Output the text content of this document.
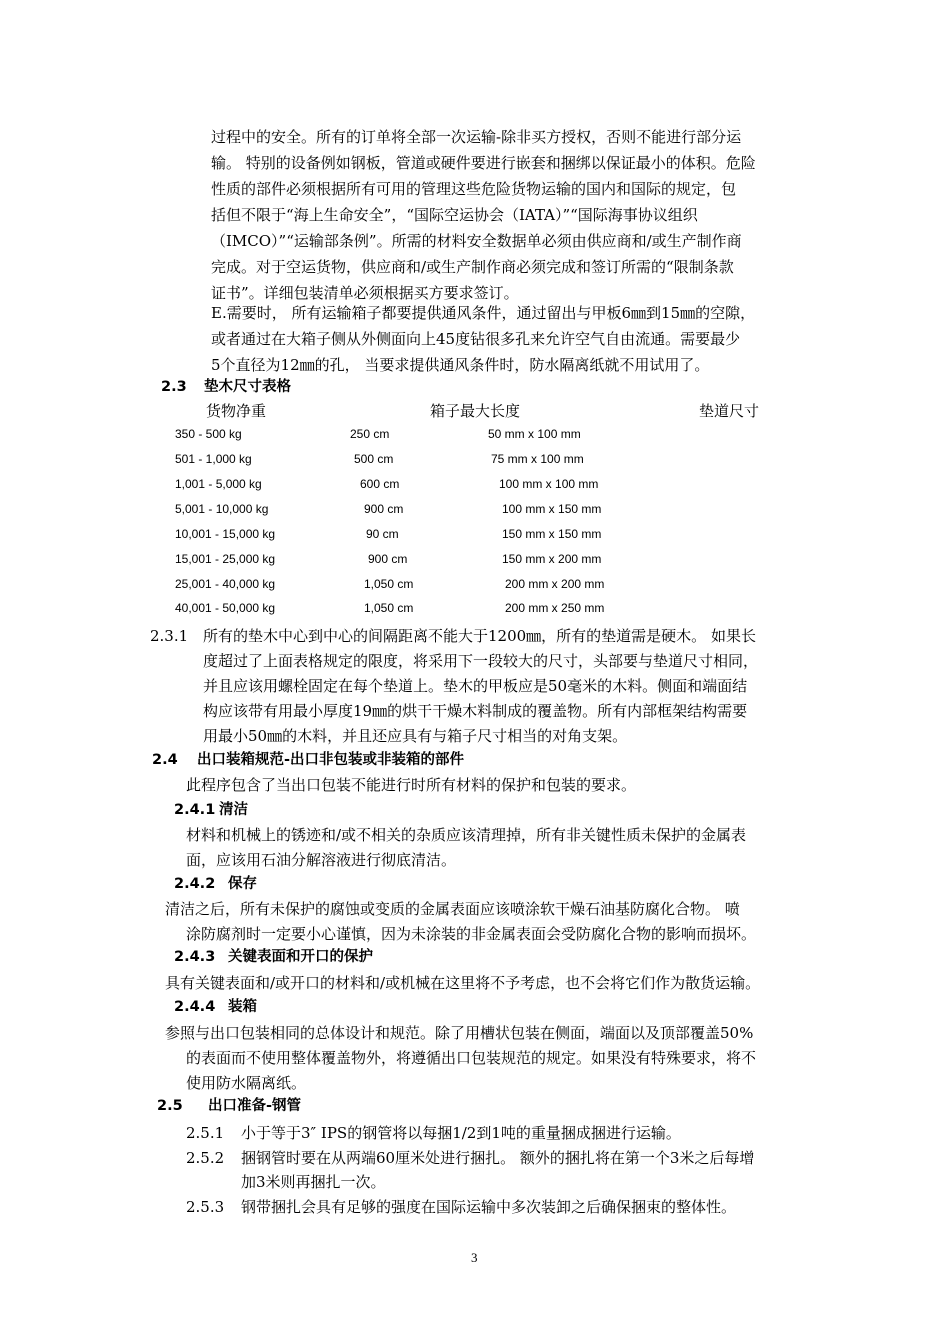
过程中的安全。所有的订单将全部一次运输-除非买方授权，否则不能进行部分运
输。 特别的设备例如钢板，管道或硬件要进行嵌套和捆绑以保证最小的体积。危险
性质的部件必须根据所有可用的管理这些危险货物运输的国内和国际的规定，包
括但不限于“海上生命安全”，“国际空运协会（IATA）”“国际海事协议组织
（IMCO）”“运输部条例”。所需的材料安全数据单必须由供应商和/或生产制作商
完成。对于空运货物，供应商和/或生产制作商必须完成和签订所需的“限制条款
证书”。详细包装清单必须根据买方要求签订。
E.需要时， 所有运输箱子都要提供通风条件，通过留出与甲板6㎜到15㎜的空隙，
或者通过在大箱子侧从外侧面向上45度钻很多孔来允许空气自由流通。需要最少
5个直径为12㎜的孔， 当要求提供通风条件时，防水隔离纸就不用试用了。
2.3 垫木尺寸表格
货物净重	箱子最大长度	垫道尺寸
350 - 500 kg	250 cm	50 mm x 100 mm
501 - 1,000 kg	500 cm	75 mm x 100 mm
1,001 - 5,000 kg	600 cm	100 mm x 100 mm
5,001 - 10,000 kg	900 cm	100 mm x 150 mm
10,001 - 15,000 kg	90 cm	150 mm x 150 mm
15,001 - 25,000 kg	900 cm	150 mm x 200 mm
25,001 - 40,000 kg	1,050 cm	200 mm x 200 mm
40,001 - 50,000 kg	1,050 cm	200 mm x 250 mm
2.3.1 所有的垫木中心到中心的间隔距离不能大于1200㎜，所有的垫道需是硬木。 如果长
度超过了上面表格规定的限度，将采用下一段较大的尺寸，头部要与垫道尺寸相同，
并且应该用螺栓固定在每个垫道上。垫木的甲板应是50毫米的木料。侧面和端面结
构应该带有用最小厚度19㎜的烘干干燥木料制成的覆盖物。所有内部框架结构需要
用最小50㎜的木料，并且还应具有与箱子尺寸相当的对角支架。
2.4 出口装箱规范-出口非包装或非装箱的部件
此程序包含了当出口包装不能进行时所有材料的保护和包装的要求。
2.4.1 清洁
材料和机械上的锈迹和/或不相关的杂质应该清理掉，所有非关键性质未保护的金属表
面，应该用石油分解溶液进行彻底清洁。
2.4.2 保存
清洁之后，所有未保护的腐蚀或变质的金属表面应该喷涂软干燥石油基防腐化合物。 喷
涂防腐剂时一定要小心谨慎，因为未涂装的非金属表面会受防腐化合物的影响而损坏。
2.4.3 关键表面和开口的保护
具有关键表面和/或开口的材料和/或机械在这里将不予考虑，也不会将它们作为散货运输。
2.4.4 装箱
参照与出口包装相同的总体设计和规范。除了用槽状包装在侧面，端面以及顶部覆盖50%
的表面而不使用整体覆盖物外，将遵循出口包装规范的规定。如果没有特殊要求，将不
使用防水隔离纸。
2.5 出口准备-钢管
2.5.1 小于等于3″ IPS的钢管将以每捆1/2到1吨的重量捆成捆进行运输。
2.5.2 捆钢管时要在从两端60厘米处进行捆扎。 额外的捆扎将在第一个3米之后每增
加3米则再捆扎一次。
2.5.3 钢带捆扎会具有足够的强度在国际运输中多次装卸之后确保捆束的整体性。
3
